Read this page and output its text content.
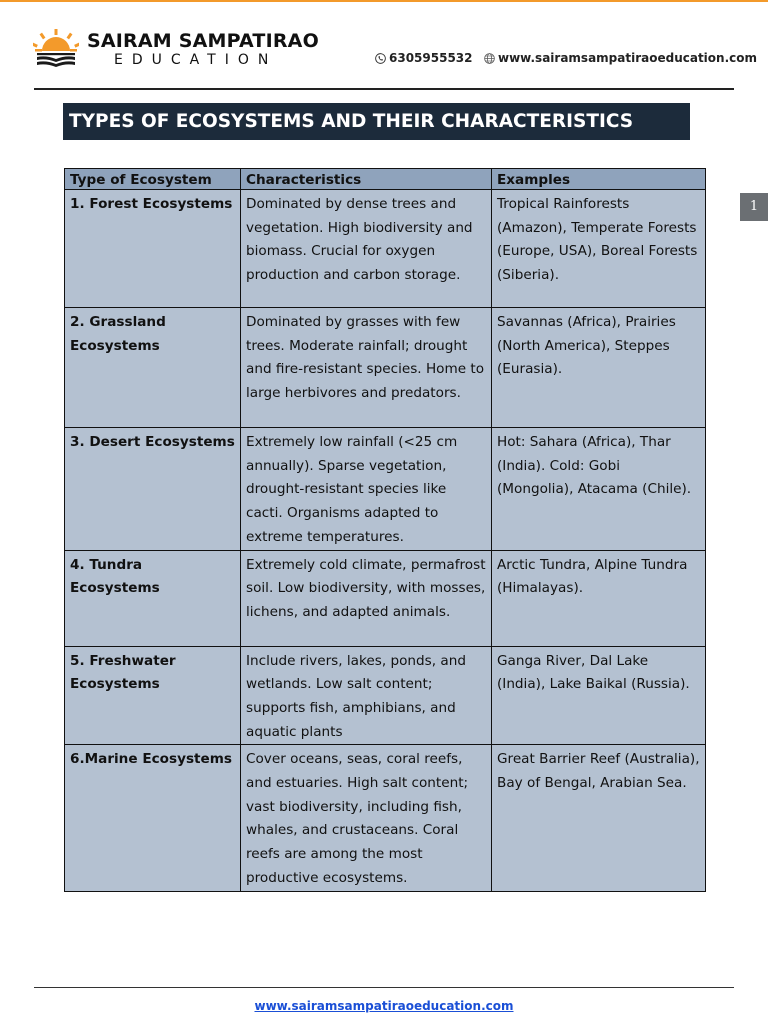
SAIRAM SAMPATIRAO
EDUCATION	6305955532 www.sairamsampatiraoeducation.com
TYPES OF ECOSYSTEMS AND THEIR CHARACTERISTICS
Type of Ecosystem	Characteristics	Examples
1. Forest Ecosystems	Dominated by dense trees and vegetation. High biodiversity and biomass. Crucial for oxygen production and carbon storage.	Tropical Rainforests (Amazon), Temperate Forests (Europe, USA), Boreal Forests (Siberia).
2. Grassland Ecosystems	Dominated by grasses with few trees. Moderate rainfall; drought and fire-resistant species. Home to large herbivores and predators.	Savannas (Africa), Prairies (North America), Steppes (Eurasia).
3. Desert Ecosystems	Extremely low rainfall (<25 cm annually). Sparse vegetation, drought-resistant species like cacti. Organisms adapted to extreme temperatures.	Hot: Sahara (Africa), Thar (India). Cold: Gobi (Mongolia), Atacama (Chile).
4. Tundra Ecosystems	Extremely cold climate, permafrost soil. Low biodiversity, with mosses, lichens, and adapted animals.	Arctic Tundra, Alpine Tundra (Himalayas).
5. Freshwater Ecosystems	Include rivers, lakes, ponds, and wetlands. Low salt content; supports fish, amphibians, and aquatic plants	Ganga River, Dal Lake (India), Lake Baikal (Russia).
6.Marine Ecosystems	Cover oceans, seas, coral reefs, and estuaries. High salt content; vast biodiversity, including fish, whales, and crustaceans. Coral reefs are among the most productive ecosystems.	Great Barrier Reef (Australia), Bay of Bengal, Arabian Sea.
1
www.sairamsampatiraoeducation.com
